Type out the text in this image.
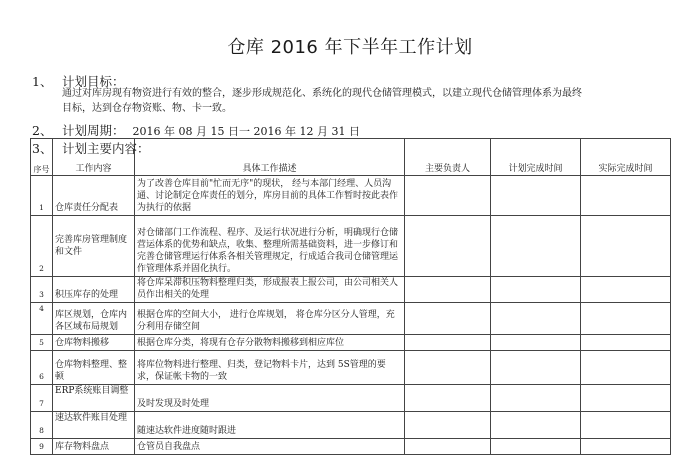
仓库 2016 年下半年工作计划
1、 计划目标：
通过对库房现有物资进行有效的整合，逐步形成规范化、系统化的现代仓储管理模式，以建立现代仓储管理体系为最终
目标，达到仓存物资账、物、卡一致。
2、 计划周期： 2016 年 08 月 15 日一 2016 年 12 月 31 日
3、 计划主要内容：
序号	工作内容	具体工作描述	主要负责人	计划完成时间	实际完成时间
1	仓库责任分配表	为了改善仓库目前"忙而无序"的现状， 经与本部门经理、人员沟通、讨论制定仓库责任的划分，库房目前的具体工作暂时按此表作为执行的依据			
2	完善库房管理制度和文件	对仓储部门工作流程、程序、及运行状况进行分析，明确现行仓储营运体系的优势和缺点，收集、整理所需基础资料，进一步修订和完善仓储管理运行体系各相关管理规定，行成适合我司仓储管理运作管理体系并固化执行。			
3	积压库存的处理	将仓库呆滞积压物料整理归类，形成报表上报公司，由公司相关人员作出相关的处理			
4	库区规划，仓库内各区域布局规划	根据仓库的空间大小， 进行仓库规划， 将仓库分区分人管理，充分利用存储空间			
5	仓库物料搬移	根据仓库分类，将现有仓存分散物料搬移到相应库位			
6	仓库物料整理、整顿	将库位物料进行整理、归类，登记物料卡片，达到 5S管理的要求，保证帐卡物的一致			
7	ERP系统账目调整	及时发现及时处理			
8	速达软件账目处理	随速达软件进度随时跟进			
9	库存物料盘点	仓管员自我盘点			
